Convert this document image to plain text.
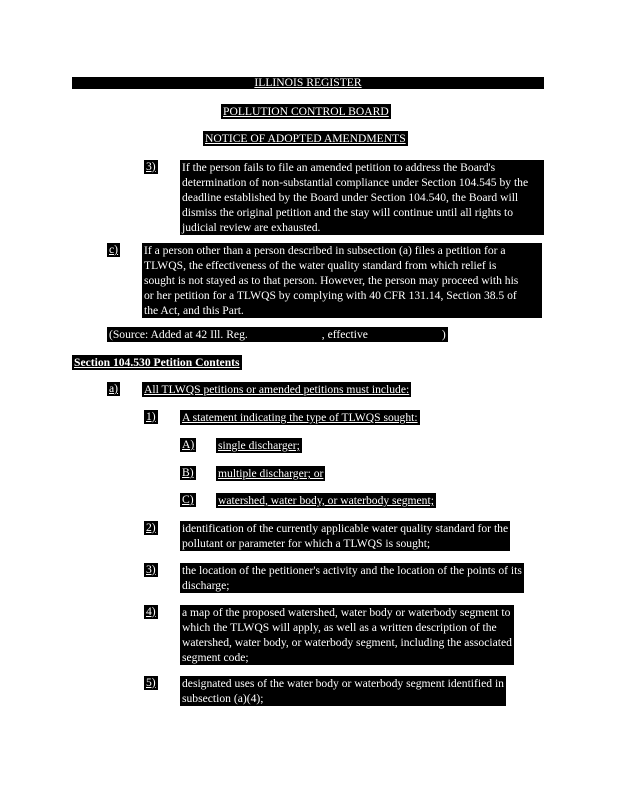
ILLINOIS REGISTER
POLLUTION CONTROL BOARD
NOTICE OF ADOPTED AMENDMENTS
3) If the person fails to file an amended petition to address the Board's
determination of non-substantial compliance under Section 104.545 by the
deadline established by the Board under Section 104.540, the Board will
dismiss the original petition and the stay will continue until all rights to
judicial review are exhausted.
c) If a person other than a person described in subsection (a) files a petition for a
TLWQS, the effectiveness of the water quality standard from which relief is
sought is not stayed as to that person. However, the person may proceed with his
or her petition for a TLWQS by complying with 40 CFR 131.14, Section 38.5 of
the Act, and this Part.
(Source: Added at 42 Ill. Reg.	, effective	)
Section 104.530 Petition Contents
a) All TLWQS petitions or amended petitions must include:
1) A statement indicating the type of TLWQS sought:
A) single discharger;
B) multiple discharger; or
C) watershed, water body, or waterbody segment;
2) identification of the currently applicable water quality standard for the
pollutant or parameter for which a TLWQS is sought;
3) the location of the petitioner's activity and the location of the points of its
discharge;
4) a map of the proposed watershed, water body or waterbody segment to
which the TLWQS will apply, as well as a written description of the
watershed, water body, or waterbody segment, including the associated
segment code;
5) designated uses of the water body or waterbody segment identified in
subsection (a)(4);
